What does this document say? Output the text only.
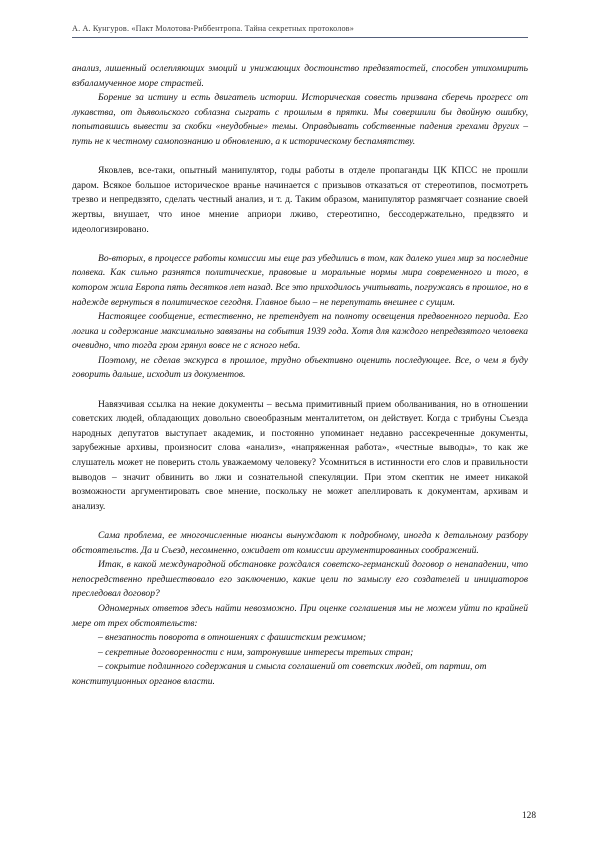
А. А. Кунгуров. «Пакт Молотова-Риббентропа. Тайна секретных протоколов»

анализ, лишенный ослепляющих эмоций и унижающих достоинство предвзятостей, способен утихомирить взбаламученное море страстей.

Борение за истину и есть двигатель истории. Историческая совесть призвана сберечь прогресс от лукавства, от дьявольского соблазна сыграть с прошлым в прятки. Мы совершили бы двойную ошибку, попытавшись вывести за скобки «неудобные» темы. Оправдывать собственные падения грехами других – путь не к честному самопознанию и обновлению, а к историческому беспамятству.

Яковлев, все-таки, опытный манипулятор, годы работы в отделе пропаганды ЦК КПСС не прошли даром. Всякое большое историческое вранье начинается с призывов отказаться от стереотипов, посмотреть трезво и непредвзято, сделать честный анализ, и т. д. Таким образом, манипулятор размягчает сознание своей жертвы, внушает, что иное мнение априори лживо, стереотипно, бессодержательно, предвзято и идеологизировано.

Во-вторых, в процессе работы комиссии мы еще раз убедились в том, как далеко ушел мир за последние полвека. Как сильно разнятся политические, правовые и моральные нормы мира современного и того, в котором жила Европа пять десятков лет назад. Все это приходилось учитывать, погружаясь в прошлое, но в надежде вернуться в политическое сегодня. Главное было – не перепутать внешнее с сущим.

Настоящее сообщение, естественно, не претендует на полноту освещения предвоенного периода. Его логика и содержание максимально завязаны на события 1939 года. Хотя для каждого непредвзятого человека очевидно, что тогда гром грянул вовсе не с ясного неба.

Поэтому, не сделав экскурса в прошлое, трудно объективно оценить последующее. Все, о чем я буду говорить дальше, исходит из документов.

Навязчивая ссылка на некие документы – весьма примитивный прием оболванивания, но в отношении советских людей, обладающих довольно своеобразным менталитетом, он действует. Когда с трибуны Съезда народных депутатов выступает академик, и постоянно упоминает недавно рассекреченные документы, зарубежные архивы, произносит слова «анализ», «напряженная работа», «честные выводы», то как же слушатель может не поверить столь уважаемому человеку? Усомниться в истинности его слов и правильности выводов – значит обвинить во лжи и сознательной спекуляции. При этом скептик не имеет никакой возможности аргументировать свое мнение, поскольку не может апеллировать к документам, архивам и анализу.

Сама проблема, ее многочисленные нюансы вынуждают к подробному, иногда к детальному разбору обстоятельств. Да и Съезд, несомненно, ожидает от комиссии аргументированных соображений.

Итак, в какой международной обстановке рождался советско-германский договор о ненападении, что непосредственно предшествовало его заключению, какие цели по замыслу его создателей и инициаторов преследовал договор?

Одномерных ответов здесь найти невозможно. При оценке соглашения мы не можем уйти по крайней мере от трех обстоятельств:

– внезапность поворота в отношениях с фашистским режимом;

– секретные договоренности с ним, затронувшие интересы третьих стран;

– сокрытие подлинного содержания и смысла соглашений от советских людей, от партии, от конституционных органов власти.

128
